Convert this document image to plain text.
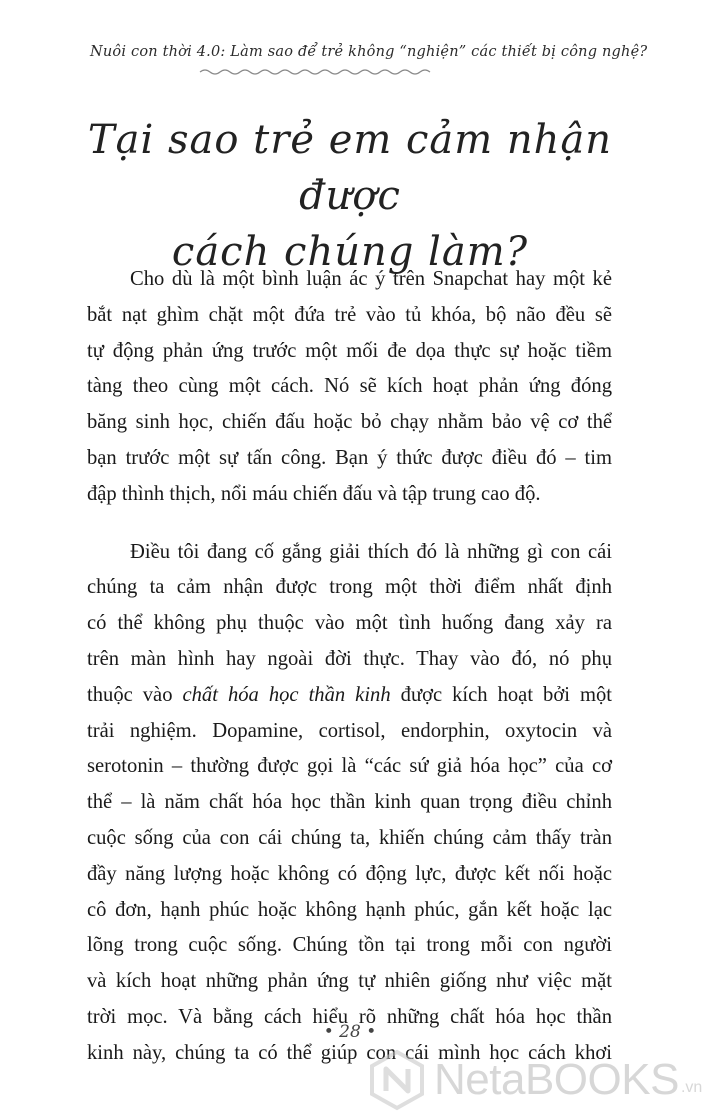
Nuôi con thời 4.0: Làm sao để trẻ không “nghiện” các thiết bị công nghệ?
Tại sao trẻ em cảm nhận được
cách chúng làm?

Cho dù là một bình luận ác ý trên Snapchat hay một kẻ
bắt nạt ghìm chặt một đứa trẻ vào tủ khóa, bộ não đều sẽ
tự động phản ứng trước một mối đe dọa thực sự hoặc tiềm
tàng theo cùng một cách. Nó sẽ kích hoạt phản ứng đóng
băng sinh học, chiến đấu hoặc bỏ chạy nhằm bảo vệ cơ thể
bạn trước một sự tấn công. Bạn ý thức được điều đó – tim
đập thình thịch, nổi máu chiến đấu và tập trung cao độ.

Điều tôi đang cố gắng giải thích đó là những gì con cái
chúng ta cảm nhận được trong một thời điểm nhất định
có thể không phụ thuộc vào một tình huống đang xảy ra
trên màn hình hay ngoài đời thực. Thay vào đó, nó phụ
thuộc vào chất hóa học thần kinh được kích hoạt bởi một
trải nghiệm. Dopamine, cortisol, endorphin, oxytocin và
serotonin – thường được gọi là “các sứ giả hóa học” của cơ
thể – là năm chất hóa học thần kinh quan trọng điều chỉnh
cuộc sống của con cái chúng ta, khiến chúng cảm thấy tràn
đầy năng lượng hoặc không có động lực, được kết nối hoặc
cô đơn, hạnh phúc hoặc không hạnh phúc, gắn kết hoặc lạc
lõng trong cuộc sống. Chúng tồn tại trong mỗi con người
và kích hoạt những phản ứng tự nhiên giống như việc mặt
trời mọc. Và bằng cách hiểu rõ những chất hóa học thần
kinh này, chúng ta có thể giúp con cái mình học cách khơi

• 28 •
NetaBOOKS .vn
